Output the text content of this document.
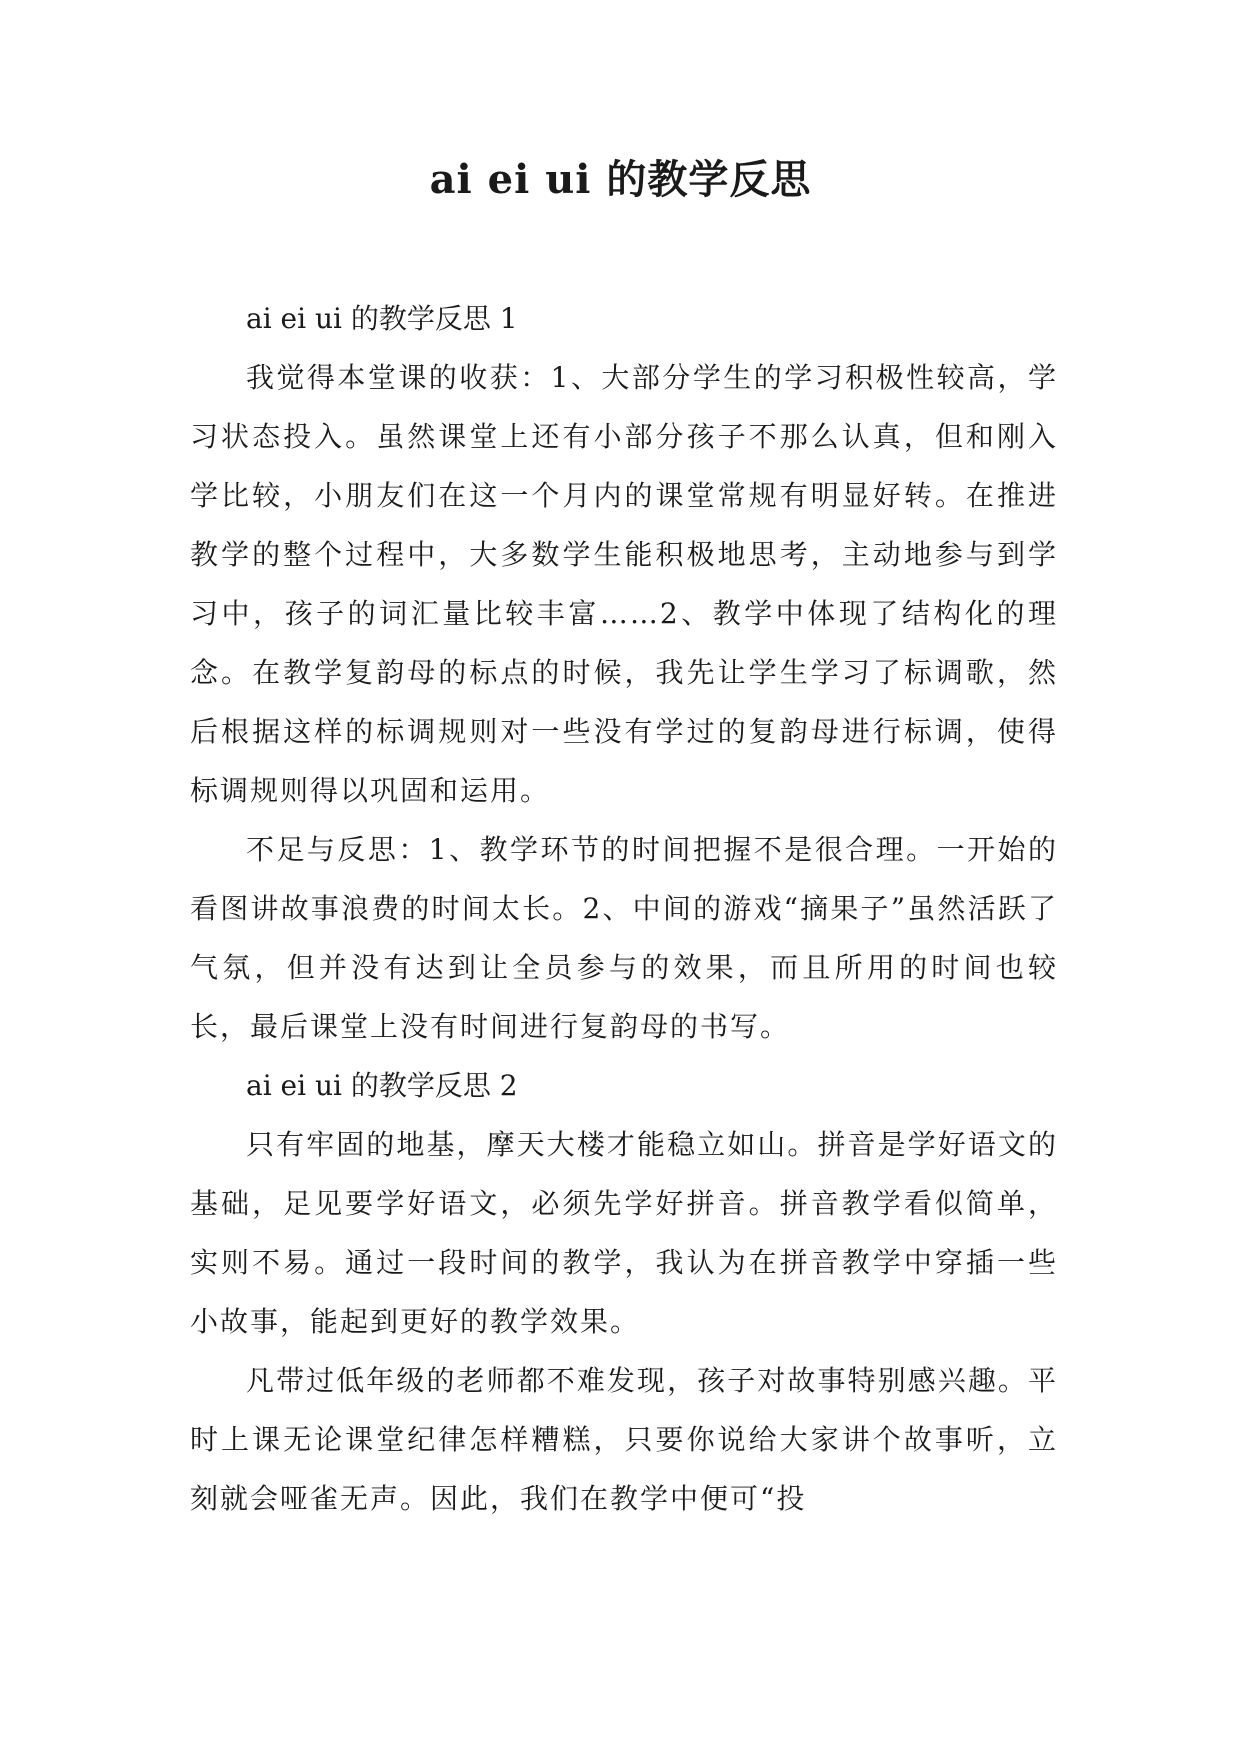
ai ei ui 的教学反思

ai ei ui 的教学反思 1

我觉得本堂课的收获：1、大部分学生的学习积极性较高，学习状态投入。虽然课堂上还有小部分孩子不那么认真，但和刚入学比较，小朋友们在这一个月内的课堂常规有明显好转。在推进教学的整个过程中，大多数学生能积极地思考，主动地参与到学习中，孩子的词汇量比较丰富……2、教学中体现了结构化的理念。在教学复韵母的标点的时候，我先让学生学习了标调歌，然后根据这样的标调规则对一些没有学过的复韵母进行标调，使得标调规则得以巩固和运用。

不足与反思：1、教学环节的时间把握不是很合理。一开始的看图讲故事浪费的时间太长。2、中间的游戏“摘果子”虽然活跃了气氛，但并没有达到让全员参与的效果，而且所用的时间也较长，最后课堂上没有时间进行复韵母的书写。

ai ei ui 的教学反思 2

只有牢固的地基，摩天大楼才能稳立如山。拼音是学好语文的基础，足见要学好语文，必须先学好拼音。拼音教学看似简单，实则不易。通过一段时间的教学，我认为在拼音教学中穿插一些小故事，能起到更好的教学效果。

凡带过低年级的老师都不难发现，孩子对故事特别感兴趣。平时上课无论课堂纪律怎样糟糕，只要你说给大家讲个故事听，立刻就会哑雀无声。因此，我们在教学中便可“投
